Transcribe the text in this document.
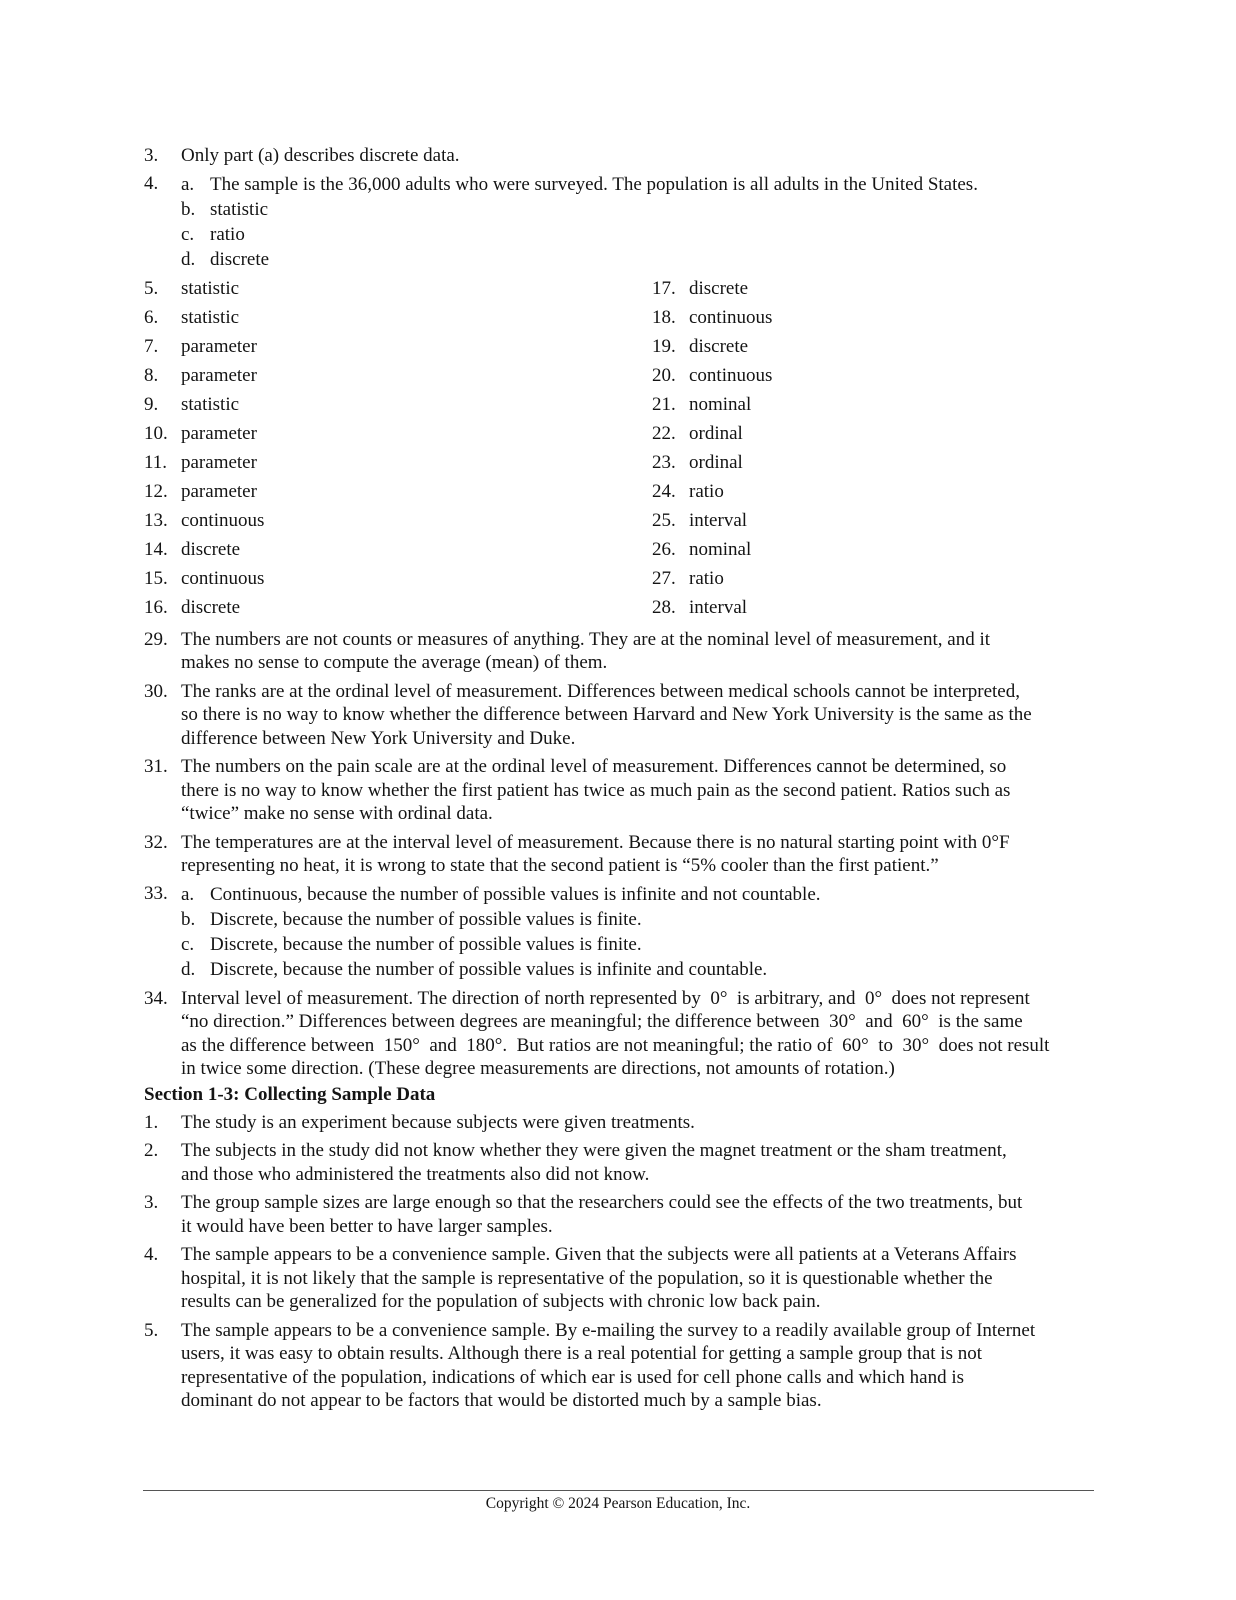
3.	Only part (a) describes discrete data.
4.	a. The sample is the 36,000 adults who were surveyed. The population is all adults in the United States.
b. statistic
c. ratio
d. discrete
5.	statistic
6.	statistic
7.	parameter
8.	parameter
9.	statistic
10. parameter
11. parameter
12. parameter
13. continuous
14. discrete
15. continuous
16. discrete
17. discrete
18. continuous
19. discrete
20. continuous
21. nominal
22. ordinal
23. ordinal
24. ratio
25. interval
26. nominal
27. ratio
28. interval
29. The numbers are not counts or measures of anything. They are at the nominal level of measurement, and it
makes no sense to compute the average (mean) of them.
30. The ranks are at the ordinal level of measurement. Differences between medical schools cannot be interpreted,
so there is no way to know whether the difference between Harvard and New York University is the same as the
difference between New York University and Duke.
31. The numbers on the pain scale are at the ordinal level of measurement. Differences cannot be determined, so
there is no way to know whether the first patient has twice as much pain as the second patient. Ratios such as
“twice” make no sense with ordinal data.
32. The temperatures are at the interval level of measurement. Because there is no natural starting point with 0°F
representing no heat, it is wrong to state that the second patient is “5% cooler than the first patient.”
33. a. Continuous, because the number of possible values is infinite and not countable.
b. Discrete, because the number of possible values is finite.
c. Discrete, because the number of possible values is finite.
d. Discrete, because the number of possible values is infinite and countable.
34. Interval level of measurement. The direction of north represented by  0°  is arbitrary, and  0°  does not represent
“no direction.” Differences between degrees are meaningful; the difference between  30°  and  60°  is the same
as the difference between  150°  and  180°.  But ratios are not meaningful; the ratio of  60°  to  30°  does not result
in twice some direction. (These degree measurements are directions, not amounts of rotation.)
Section 1-3: Collecting Sample Data
1.	The study is an experiment because subjects were given treatments.
2.	The subjects in the study did not know whether they were given the magnet treatment or the sham treatment,
and those who administered the treatments also did not know.
3.	The group sample sizes are large enough so that the researchers could see the effects of the two treatments, but
it would have been better to have larger samples.
4.	The sample appears to be a convenience sample. Given that the subjects were all patients at a Veterans Affairs
hospital, it is not likely that the sample is representative of the population, so it is questionable whether the
results can be generalized for the population of subjects with chronic low back pain.
5.	The sample appears to be a convenience sample. By e-mailing the survey to a readily available group of Internet
users, it was easy to obtain results. Although there is a real potential for getting a sample group that is not
representative of the population, indications of which ear is used for cell phone calls and which hand is
dominant do not appear to be factors that would be distorted much by a sample bias.
Copyright © 2024 Pearson Education, Inc.
